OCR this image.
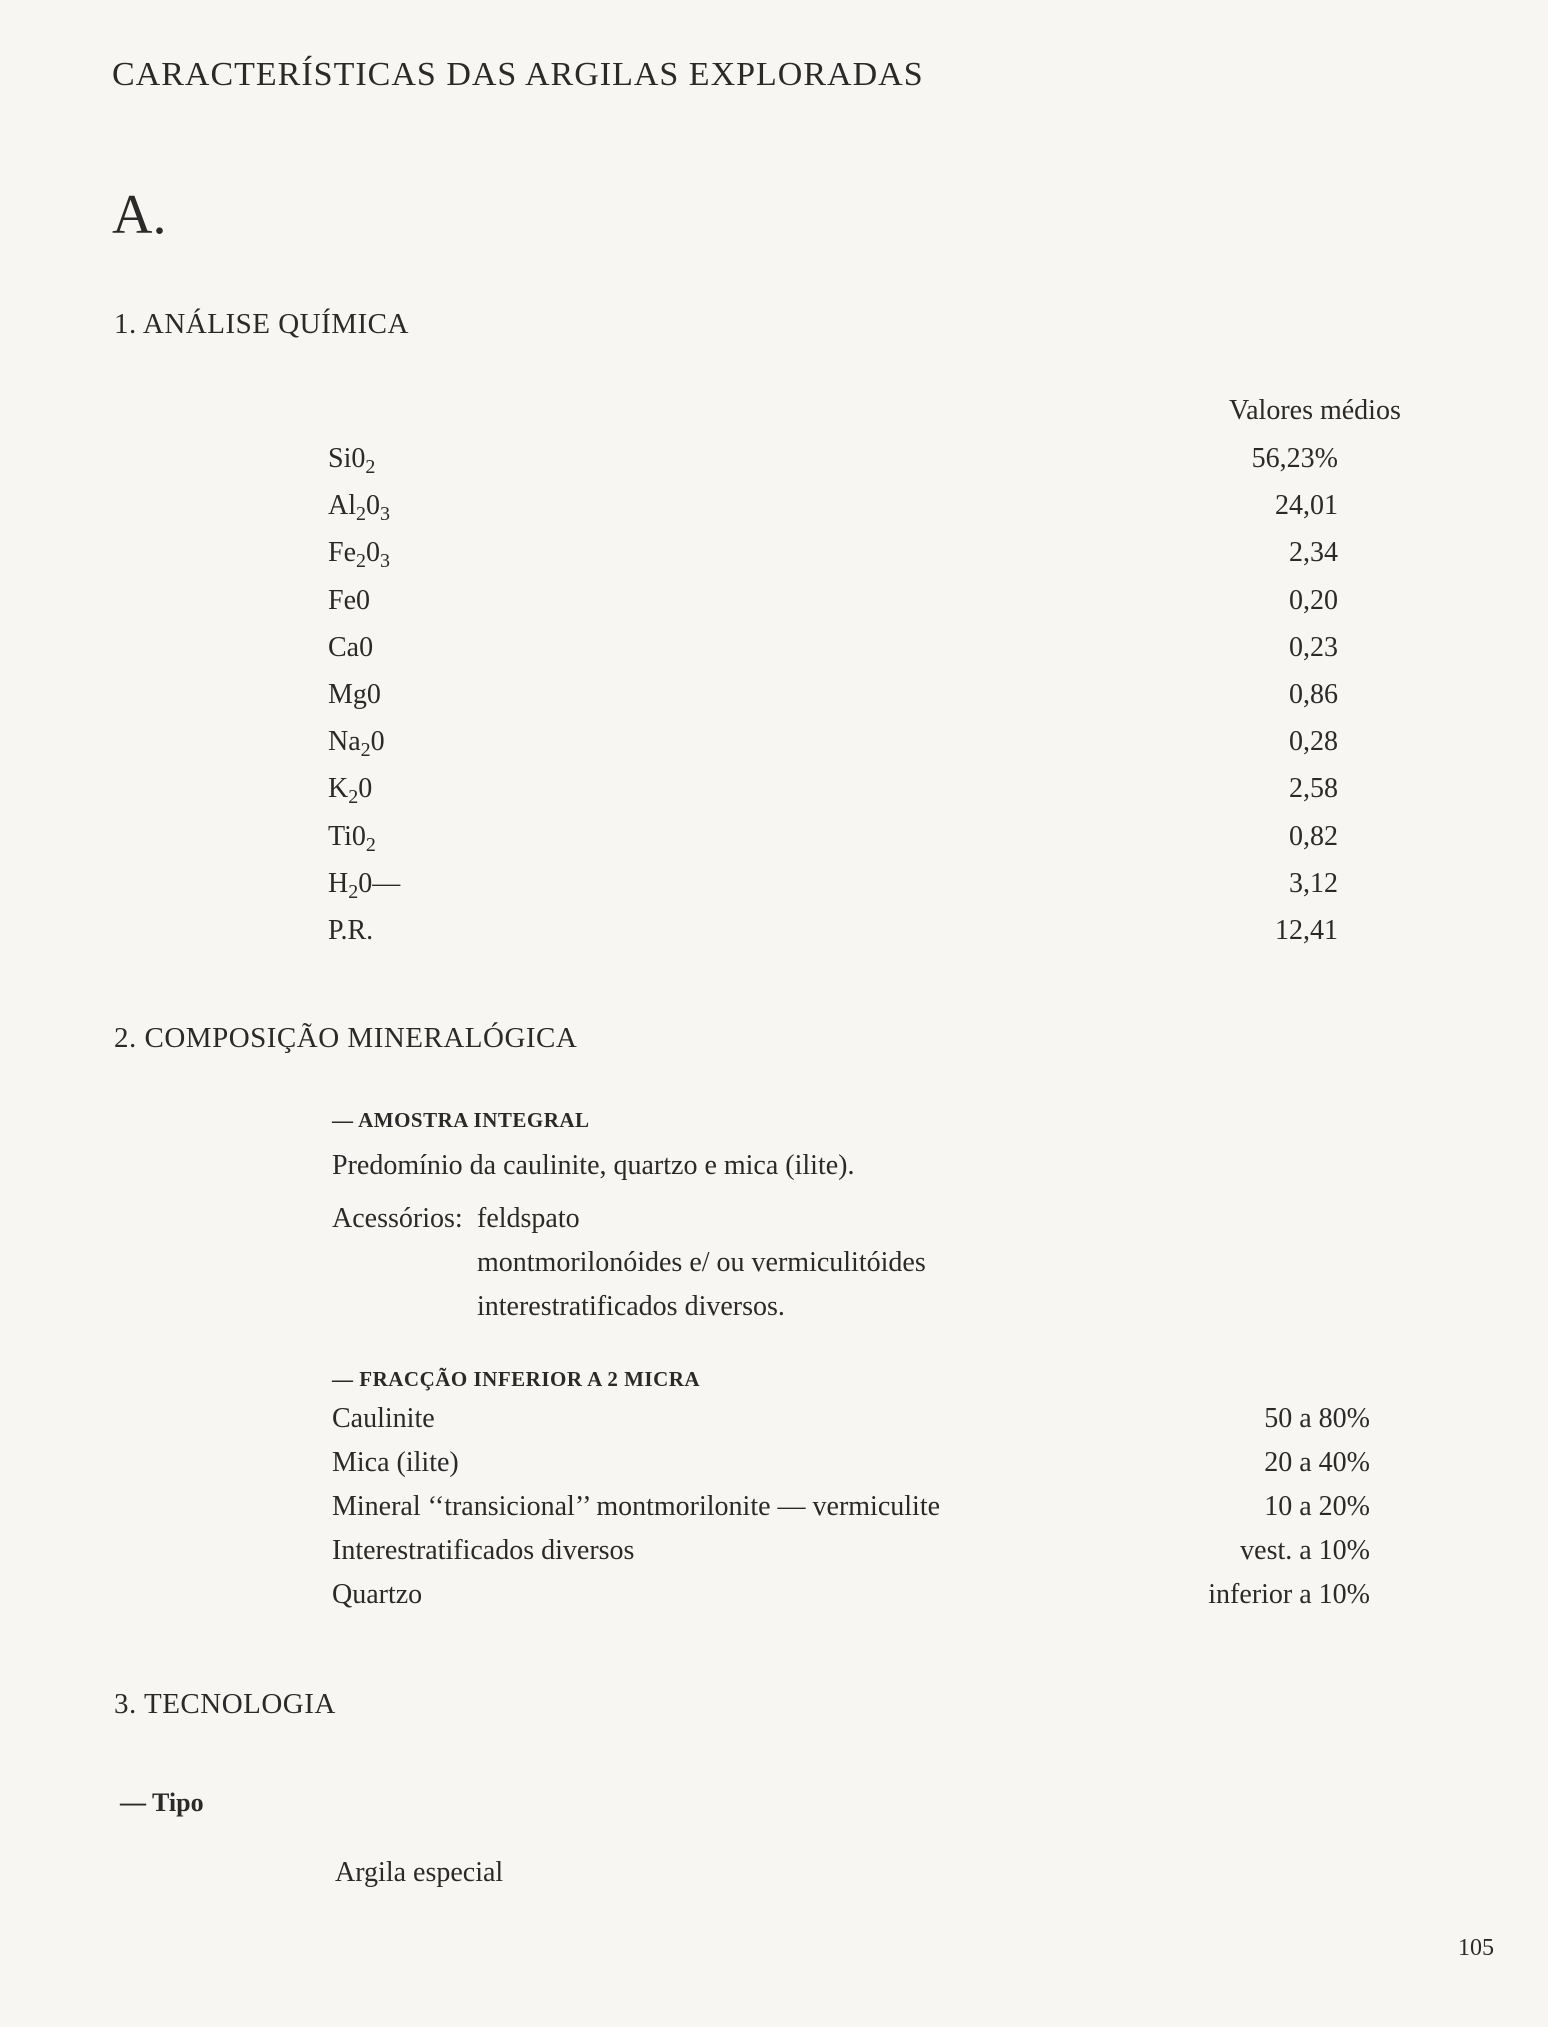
CARACTERÍSTICAS DAS ARGILAS EXPLORADAS
A.
1. ANÁLISE QUÍMICA
Valores médios
$Si0_2$	56,23%
$Al_20_3$	24,01
$Fe_20_3$	2,34
Fe0	0,20
Ca0	0,23
Mg0	0,86
$Na_20$	0,28
$K_20$	2,58
$Ti0_2$	0,82
$H_20—$	3,12
P.R.	12,41
2. COMPOSIÇÃO MINERALÓGICA
— AMOSTRA INTEGRAL
Predomínio da caulinite, quartzo e mica (ilite).
Acessórios: feldspato
montmorilonóides e/ ou vermiculitóides
interestratificados diversos.
— FRACÇÃO INFERIOR A 2 MICRA
Caulinite	50 a 80%
Mica (ilite)	20 a 40%
Mineral ‘‘transicional’’ montmorilonite — vermiculite	10 a 20%
Interestratificados diversos	vest. a 10%
Quartzo	inferior a 10%
3. TECNOLOGIA
— Tipo
Argila especial
105
